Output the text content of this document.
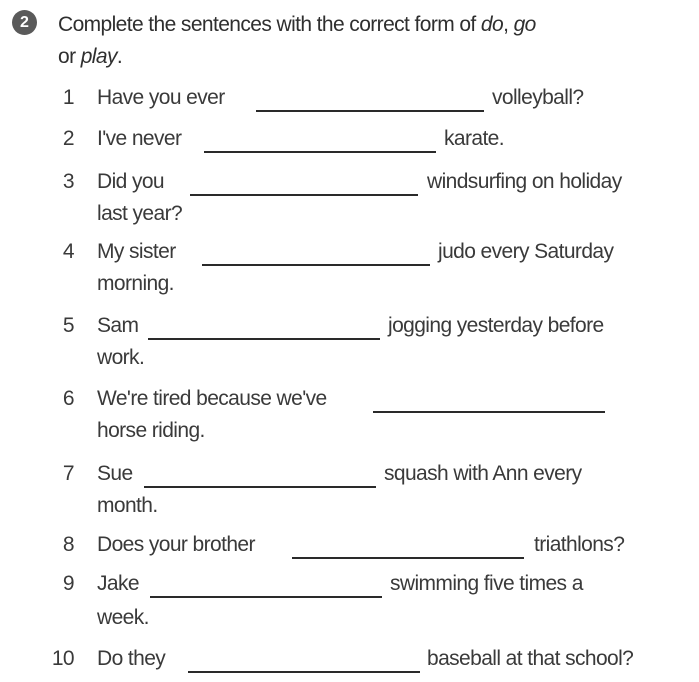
2	Complete the sentences with the correct form of do, go
or play.
1 Have you ever	volleyball?
2 I've never	karate.
3 Did you	windsurfing on holiday
last year?
4 My sister	judo every Saturday
morning.
5 Sam	jogging yesterday before
work.
6 We're tired because we've
horse riding.
7 Sue	squash with Ann every
month.
8 Does your brother	triathlons?
9 Jake	swimming five times a
week.
10 Do they	baseball at that school?
